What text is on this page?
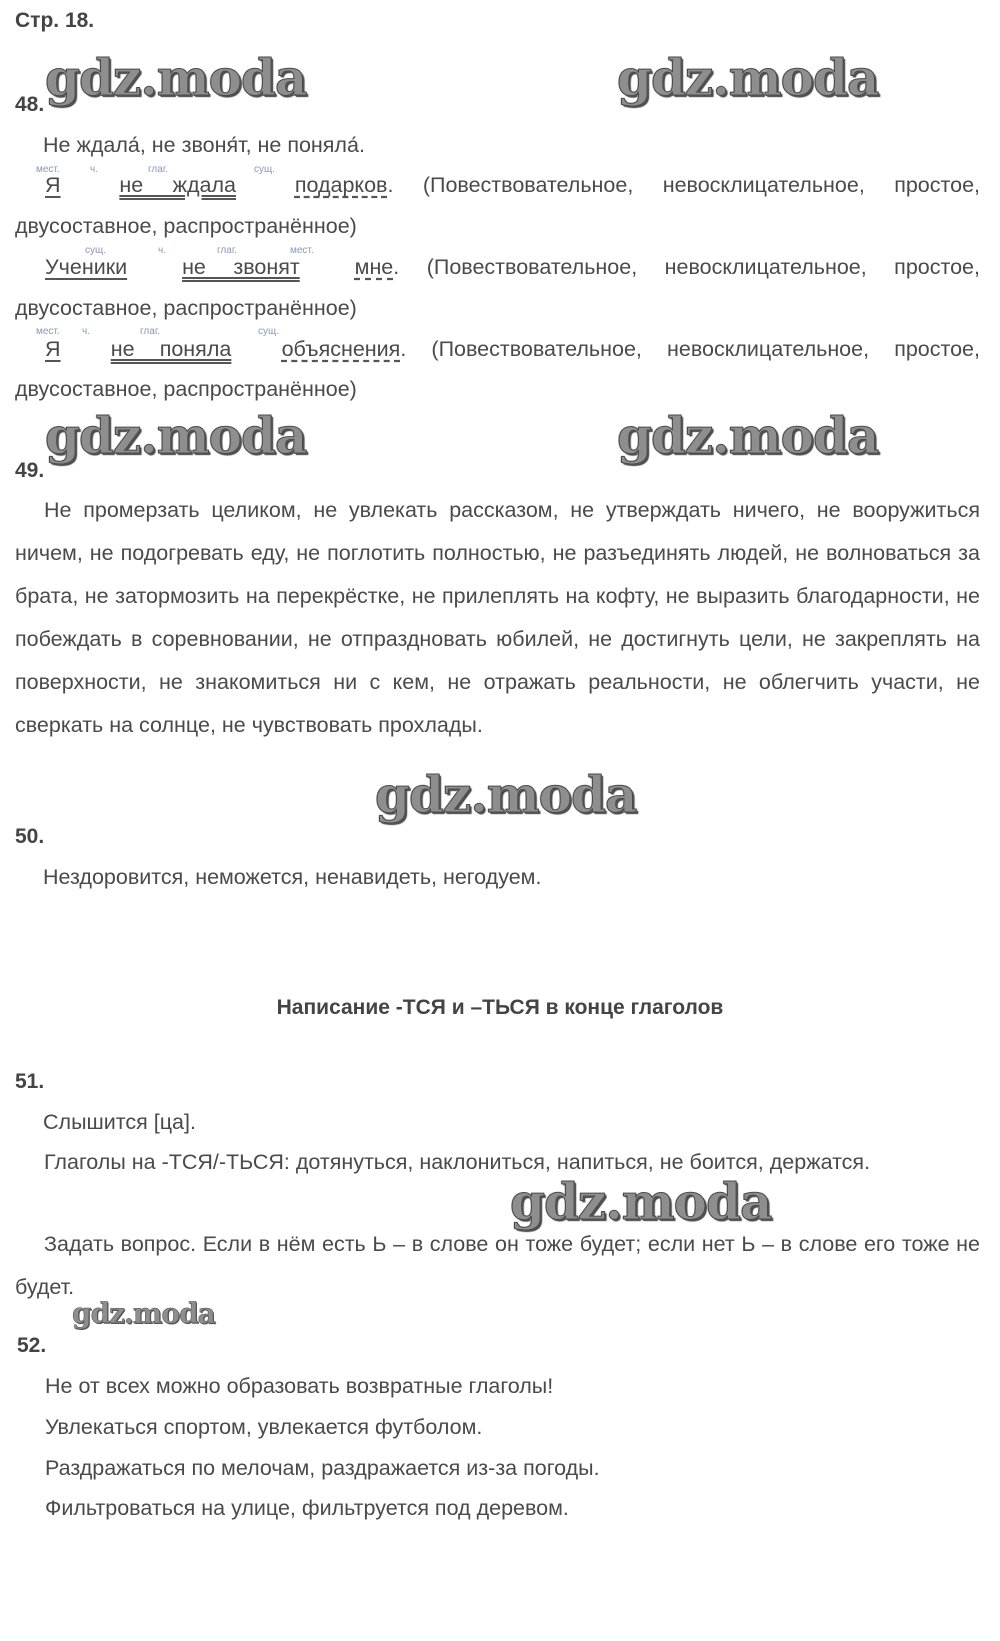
Стр. 18.
gdz.moda	gdz.moda
gdz.moda	gdz.moda
gdz.moda
gdz.moda
gdz.moda
48.
Не ждала́, не звоня́т, не поняла́.
мест.	ч.	глаг.	сущ.
Я	не ждала	подарков. (Повествовательное, невосклицательное, простое,
двусоставное, распространённое)
сущ.	ч.	глаг.	мест.
Ученики	не звонят	мне. (Повествовательное, невосклицательное, простое,
двусоставное, распространённое)
мест. ч.	глаг.	сущ.
Я не поняла объяснения. (Повествовательное, невосклицательное, простое,
двусоставное, распространённое)
49.
Не промерзать целиком, не увлекать рассказом, не утверждать ничего, не вооружиться ничем, не подогревать еду, не поглотить полностью, не разъединять людей, не волноваться за брата, не затормозить на перекрёстке, не прилеплять на кофту, не выразить благодарности, не побеждать в соревновании, не отпраздновать юбилей, не достигнуть цели, не закреплять на поверхности, не знакомиться ни с кем, не отражать реальности, не облегчить участи, не сверкать на солнце, не чувствовать прохлады.
50.
Нездоровится, неможется, ненавидеть, негодуем.
Написание -ТСЯ и –ТЬСЯ в конце глаголов
51.
Слышится [ца].
Глаголы на -ТСЯ/-ТЬСЯ: дотянуться, наклониться, напиться, не боится, держатся.
Задать вопрос. Если в нём есть Ь – в слове он тоже будет; если нет Ь – в слове его тоже не будет.
52.
Не от всех можно образовать возвратные глаголы!
Увлекаться спортом, увлекается футболом.
Раздражаться по мелочам, раздражается из-за погоды.
Фильтроваться на улице, фильтруется под деревом.
